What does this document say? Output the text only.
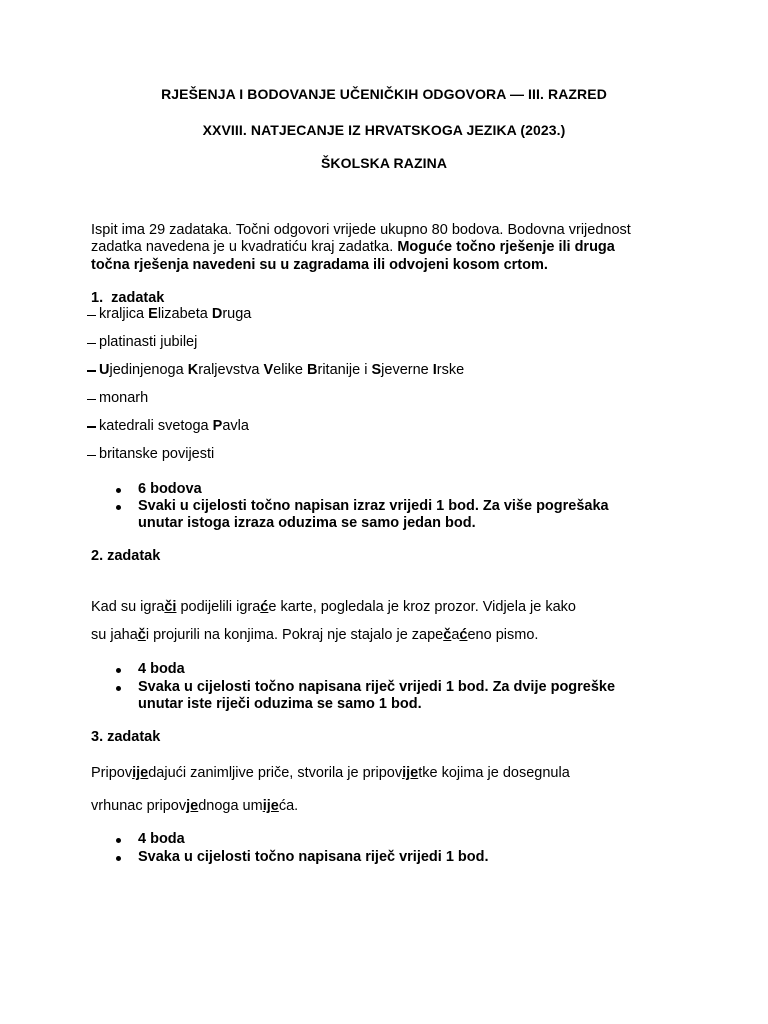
RJEŠENJA I BODOVANJE UČENIČKIH ODGOVORA — III. RAZRED
XXVIII. NATJECANJE IZ HRVATSKOGA JEZIKA (2023.)
ŠKOLSKA RAZINA
Ispit ima 29 zadataka. Točni odgovori vrijede ukupno 80 bodova. Bodovna vrijednost
zadatka navedena je u kvadratiću kraj zadatka. Moguće točno rješenje ili druga
točna rješenja navedeni su u zagradama ili odvojeni kosom crtom.
1. zadatak
kraljica Elizabeta Druga
platinasti jubilej
Ujedinjenoga Kraljevstva Velike Britanije i Sjeverne Irske
monarh
katedrali svetoga Pavla
britanske povijesti
6 bodova
Svaki u cijelosti točno napisan izraz vrijedi 1 bod. Za više pogrešaka
unutar istoga izraza oduzima se samo jedan bod.
2. zadatak
Kad su igrači podijelili igraće karte, pogledala je kroz prozor. Vidjela je kako
su jahači projurili na konjima. Pokraj nje stajalo je zapečaćeno pismo.
4 boda
Svaka u cijelosti točno napisana riječ vrijedi 1 bod. Za dvije pogreške
unutar iste riječi oduzima se samo 1 bod.
3. zadatak
Pripovijedajući zanimljive priče, stvorila je pripovijetke kojima je dosegnula
vrhunac pripovjednoga umijeća.
4 boda
Svaka u cijelosti točno napisana riječ vrijedi 1 bod.
